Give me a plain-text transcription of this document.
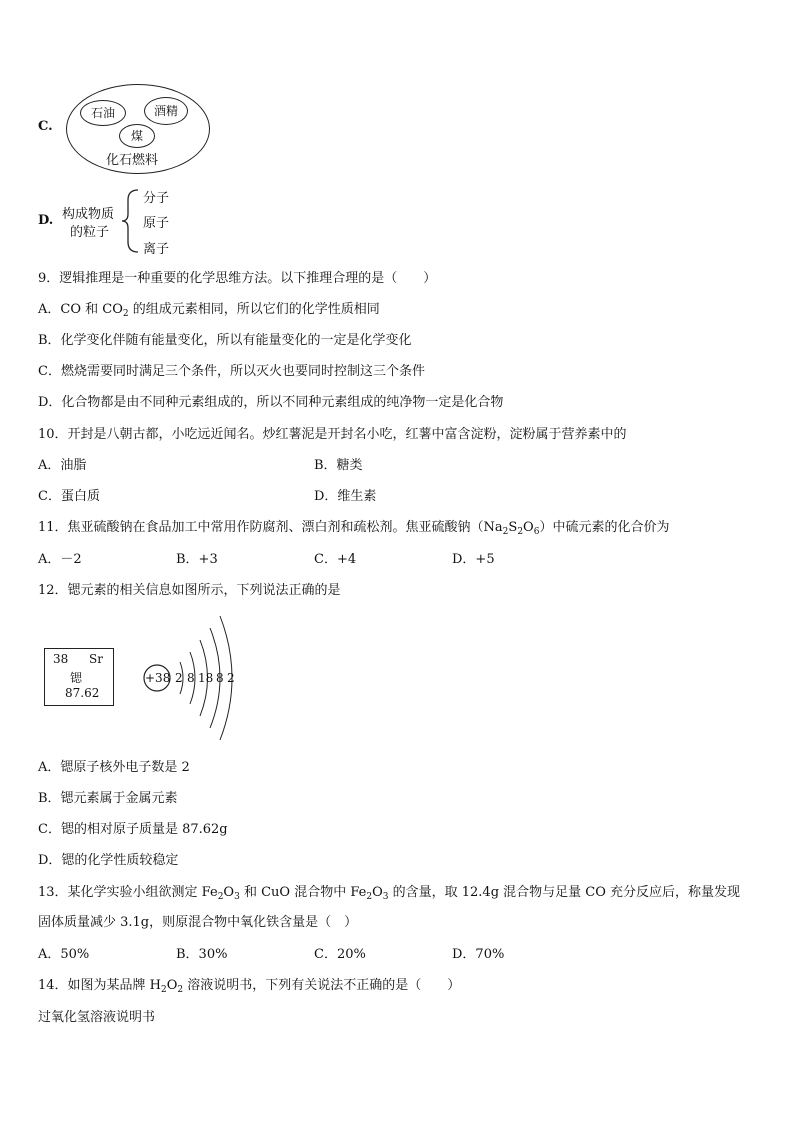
C.
石油	酒精
煤
化石燃料
D. 构成物质
的粒子
分子
原子
离子
9．逻辑推理是一种重要的化学思维方法。以下推理合理的是（　　）
A．CO 和 $CO_2$ 的组成元素相同，所以它们的化学性质相同
B．化学变化伴随有能量变化，所以有能量变化的一定是化学变化
C．燃烧需要同时满足三个条件，所以灭火也要同时控制这三个条件
D．化合物都是由不同种元素组成的，所以不同种元素组成的纯净物一定是化合物
10．开封是八朝古都，小吃远近闻名。炒红薯泥是开封名小吃，红薯中富含淀粉，淀粉属于营养素中的
A．油脂	B．糖类
C．蛋白质	D．维生素
11．焦亚硫酸钠在食品加工中常用作防腐剂、漂白剂和疏松剂。焦亚硫酸钠$(Na_2S_2O_6)$中硫元素的化合价为
A．－2	B．+3	C．+4	D．+5
12．锶元素的相关信息如图所示，下列说法正确的是
38 Sr
锶
87.62
+38 2 8 18 8 2
A．锶原子核外电子数是 2
B．锶元素属于金属元素
C．锶的相对原子质量是 87.62g
D．锶的化学性质较稳定
13．某化学实验小组欲测定 $Fe_2O_3$ 和 CuO 混合物中 $Fe_2O_3$ 的含量，取 12.4g 混合物与足量 CO 充分反应后，称量发现
固体质量减少 3.1g，则原混合物中氧化铁含量是（　）
A．50%	B．30%	C．20%	D．70%
14．如图为某品牌 $H_2O_2$ 溶液说明书，下列有关说法不正确的是（　　）
过氧化氢溶液说明书
